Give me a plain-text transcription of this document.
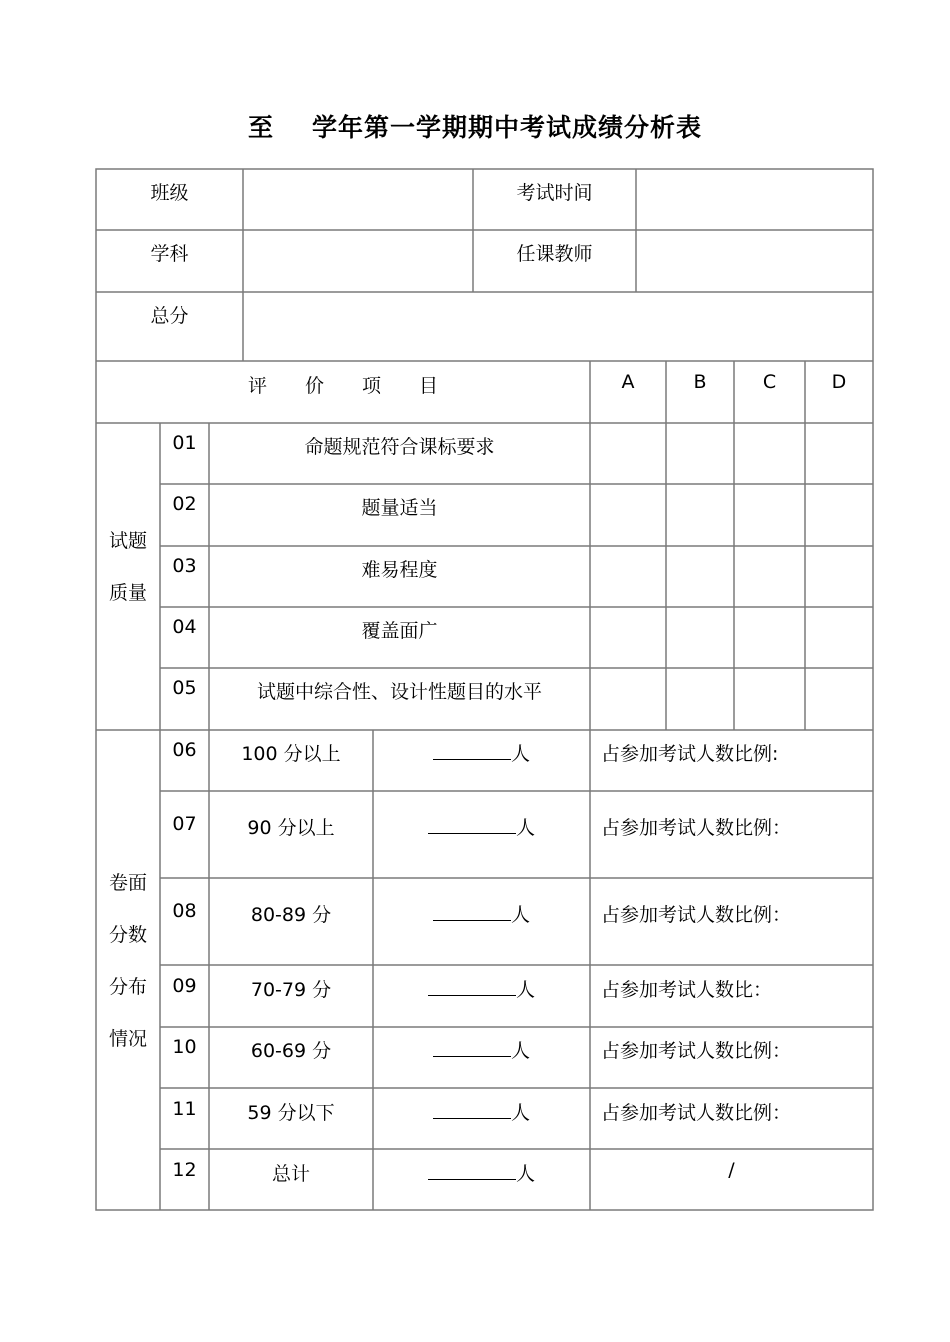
至 学年第一学期期中考试成绩分析表
班级	考试时间
学科	任课教师
总分
评　　价　　项　　目	A	B	C	D
试题
质量
01	命题规范符合课标要求
02	题量适当
03	难易程度
04	覆盖面广
05	试题中综合性、设计性题目的水平
卷面
分数
分布
情况
06	100 分以上	人	占参加考试人数比例:
07	90 分以上	人	占参加考试人数比例：
08	80-89 分	人	占参加考试人数比例：
09	70-79 分	人	占参加考试人数比：
10	60-69 分	人	占参加考试人数比例：
11	59 分以下	人	占参加考试人数比例：
12	总计	人	/
